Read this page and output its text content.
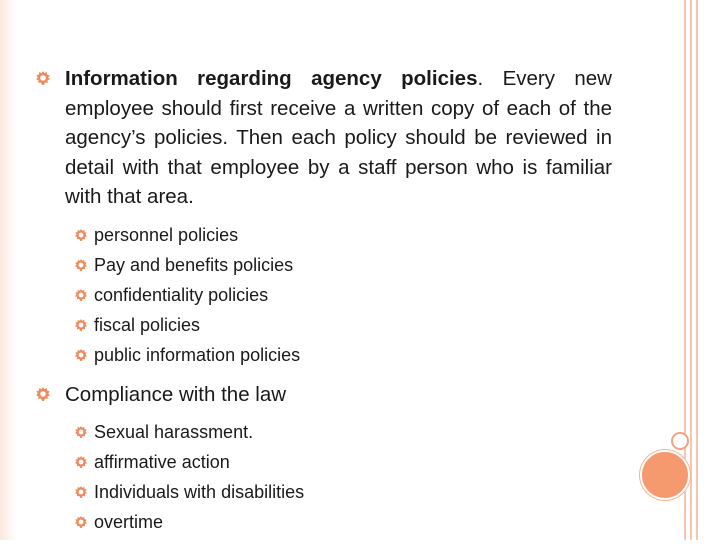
Information regarding agency policies. Every new employee should first receive a written copy of each of the agency’s policies. Then each policy should be reviewed in detail with that employee by a staff person who is familiar with that area.
personnel policies
Pay and benefits policies
confidentiality policies
fiscal policies
public information policies
Compliance with the law
Sexual harassment.
affirmative action
Individuals with disabilities
overtime
